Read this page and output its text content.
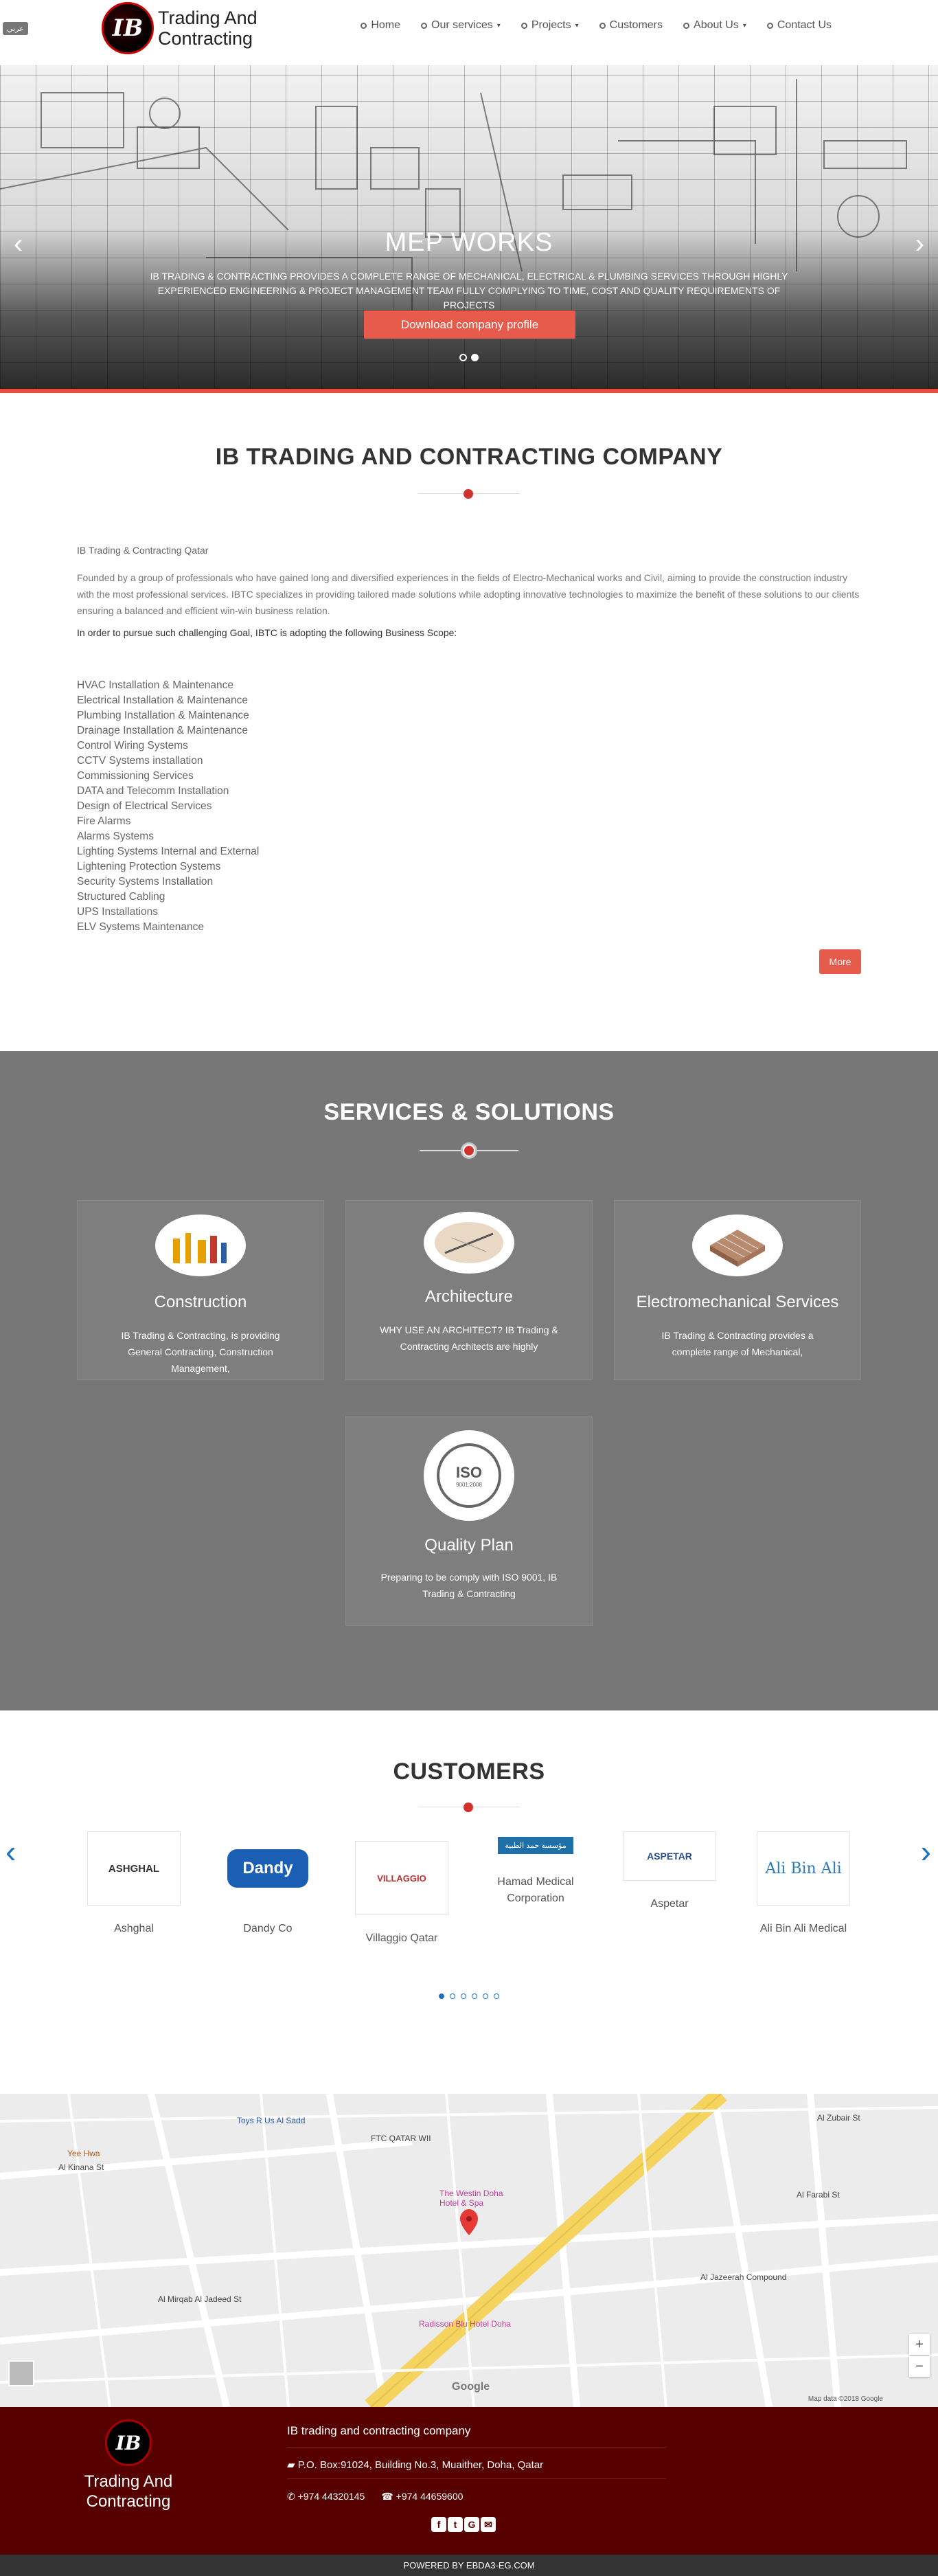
عربي	IB Trading And
Contracting
Home	Our services ▾	Projects ▾	Customers	About Us ▾	Contact Us
‹	›
MEP WORKS
IB TRADING & CONTRACTING PROVIDES A COMPLETE RANGE OF MECHANICAL, ELECTRICAL & PLUMBING SERVICES THROUGH HIGHLY EXPERIENCED ENGINEERING & PROJECT MANAGEMENT TEAM FULLY COMPLYING TO TIME, COST AND QUALITY REQUIREMENTS OF PROJECTS
Download company profile
IB TRADING AND CONTRACTING COMPANY
IB Trading & Contracting Qatar

Founded by a group of professionals who have gained long and diversified experiences in the fields of Electro-Mechanical works and Civil, aiming to provide the construction industry with the most professional services. IBTC specializes in providing tailored made solutions while adopting innovative technologies to maximize the benefit of these solutions to our clients ensuring a balanced and efficient win-win business relation.

In order to pursue such challenging Goal, IBTC is adopting the following Business Scope:

HVAC Installation & Maintenance
Electrical Installation & Maintenance
Plumbing Installation & Maintenance
Drainage Installation & Maintenance
Control Wiring Systems
CCTV Systems installation
Commissioning Services
DATA and Telecomm Installation
Design of Electrical Services
Fire Alarms
Alarms Systems
Lighting Systems Internal and External
Lightening Protection Systems
Security Systems Installation
Structured Cabling
UPS Installations
ELV Systems Maintenance
More
SERVICES & SOLUTIONS
Construction
IB Trading & Contracting, is providing General Contracting, Construction Management,
Architecture
WHY USE AN ARCHITECT? IB Trading & Contracting Architects are highly
Electromechanical Services
IB Trading & Contracting provides a complete range of Mechanical,
ISO
9001:2008
Quality Plan
Preparing to be comply with ISO 9001, IB Trading & Contracting
CUSTOMERS
‹	›
ASHGHAL
Ashghal
Dandy
Dandy Co
VILLAGGIO
Villaggio Qatar
مؤسسة حمد الطبية
Hamad Medical Corporation
ASPETAR
Aspetar
Ali Bin Ali
Ali Bin Ali Medical
Toys R Us Al Sadd
FTC QATAR WII
Yee Hwa
Al Kinana St
The Westin Doha Hotel & Spa
Radisson Blu Hotel Doha
Al Mirqab Al Jadeed St
Al Jazeerah Compound
Al Farabi St
Al Zubair St
+
−
Google
Map data ©2018 Google
IB
Trading And
Contracting
IB trading and contracting company
▰ P.O. Box:91024, Building No.3, Muaither, Doha, Qatar
✆ +974 44320145 ☎ +974 44659600
f	t	G ✉
POWERED BY EBDA3-EG.COM
